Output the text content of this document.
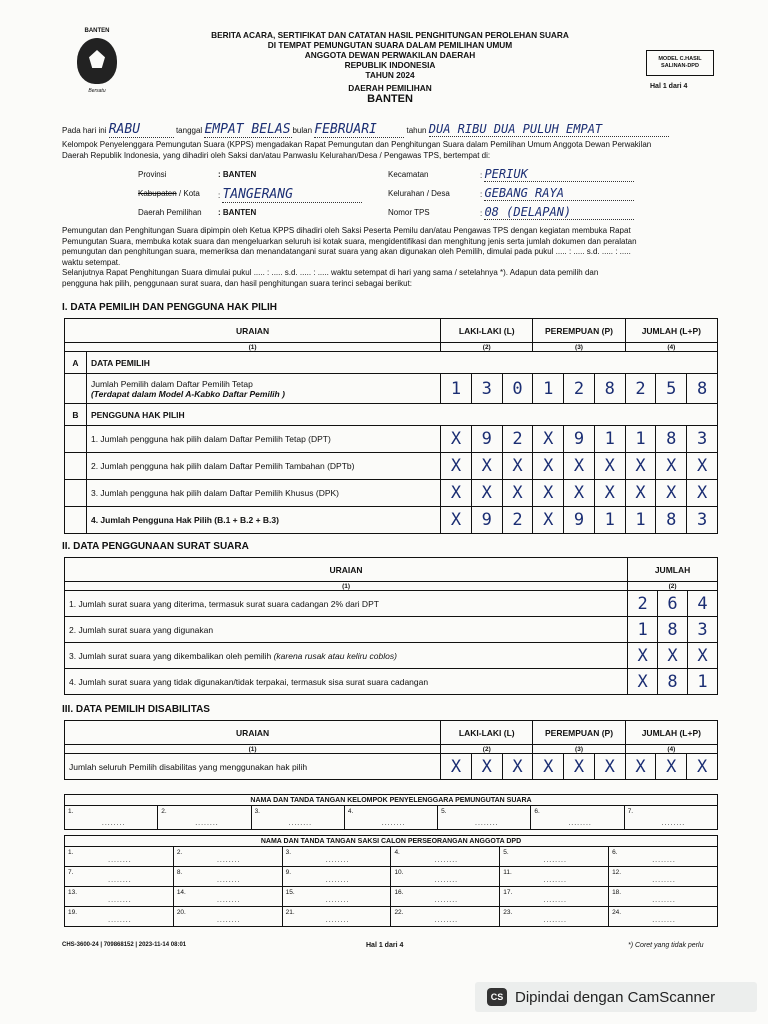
BANTEN
Bersatu
BERITA ACARA, SERTIFIKAT DAN CATATAN HASIL PENGHITUNGAN PEROLEHAN SUARA
DI TEMPAT PEMUNGUTAN SUARA DALAM PEMILIHAN UMUM
ANGGOTA DEWAN PERWAKILAN DAERAH
REPUBLIK INDONESIA
TAHUN 2024
DAERAH PEMILIHAN
BANTEN
MODEL C.HASIL
SALINAN-DPD
Hal 1 dari 4
Pada hari ini RABU	tanggal EMPAT BELAS bulan FEBRUARI	tahun DUA RIBU DUA PULUH EMPAT
Kelompok Penyelenggara Pemungutan Suara (KPPS) mengadakan Rapat Pemungutan dan Penghitungan Suara dalam Pemilihan Umum Anggota Dewan Perwakilan
Daerah Republik Indonesia, yang dihadiri oleh Saksi dan/atau Panwaslu Kelurahan/Desa / Pengawas TPS, bertempat di:
Provinsi	: BANTEN
Kabupaten / Kota : TANGERANG
Daerah Pemilihan : BANTEN
Kecamatan	: PERIUK
Kelurahan / Desa	: GEBANG RAYA
Nomor TPS	: 08 (DELAPAN)
Pemungutan dan Penghitungan Suara dipimpin oleh Ketua KPPS dihadiri oleh Saksi Peserta Pemilu dan/atau Pengawas TPS dengan kegiatan membuka Rapat
Pemungutan Suara, membuka kotak suara dan mengeluarkan seluruh isi kotak suara, mengidentifikasi dan menghitung jenis serta jumlah dokumen dan peralatan
pemungutan dan penghitungan suara, memeriksa dan menandatangani surat suara yang akan digunakan oleh Pemilih, dimulai pada pukul ..... : ..... s.d. ..... : .....
waktu setempat.
Selanjutnya Rapat Penghitungan Suara dimulai pukul ..... : ..... s.d. ..... : ..... waktu setempat di hari yang sama / setelahnya *). Adapun data pemilih dan
pengguna hak pilih, penggunaan surat suara, dan hasil penghitungan suara terinci sebagai berikut:
I. DATA PEMILIH DAN PENGGUNA HAK PILIH
URAIAN		LAKI-LAKI (L)			PEREMPUAN (P)			JUMLAH (L+P)		
(1)		(2)			(3)			(4)		
A	DATA PEMILIH									

	Jumlah Pemilih dalam Daftar Pemilih Tetap
(Terdapat dalam Model A-Kabko Daftar Pemilih )	1	3	0	1	2	8	2	5	8
B	PENGGUNA HAK PILIH									
	1. Jumlah pengguna hak pilih dalam Daftar Pemilih Tetap (DPT)	X	9	2	X	9	1	1	8	3
	2. Jumlah pengguna hak pilih dalam Daftar Pemilih Tambahan (DPTb)	X	X	X	X	X	X	X	X	X
	3. Jumlah pengguna hak pilih dalam Daftar Pemilih Khusus (DPK)	X	X	X	X	X	X	X	X	X
	4. Jumlah Pengguna Hak Pilih (B.1 + B.2 + B.3)	X	9	2	X	9	1	1	8	3
II. DATA PENGGUNAAN SURAT SUARA
URAIAN	JUMLAH		
(1)	(2)		
1. Jumlah surat suara yang diterima, termasuk surat suara cadangan 2% dari DPT	2	6	4
2. Jumlah surat suara yang digunakan	1	8	3
3. Jumlah surat suara yang dikembalikan oleh pemilih (karena rusak atau keliru coblos)	X	X	X
4. Jumlah surat suara yang tidak digunakan/tidak terpakai, termasuk sisa surat suara cadangan	X	8	1
III. DATA PEMILIH DISABILITAS
URAIAN	LAKI-LAKI (L)			PEREMPUAN (P)			JUMLAH (L+P)		
(1)	(2)			(3)			(4)		
Jumlah seluruh Pemilih disabilitas yang menggunakan hak pilih	X	X	X	X	X	X	X	X	X
NAMA DAN TANDA TANGAN KELOMPOK PENYELENGGARA PEMUNGUTAN SUARA
1.
........
	2.
........
	3.
........
	4.
........
	5.
........
	6.
........
	7.
........
NAMA DAN TANDA TANGAN SAKSI CALON PERSEORANGAN ANGGOTA DPD					
1.
........	2.
........	3.
........	4.
........	5.
........	6.
........

7.
........	8.
........	9.
........	10.
........	11.
........	12.
........

13.
........	14.
........	15.
........	16.
........	17.
........	18.
........

19.
........	20.
........	21.
........	22.
........	23.
........	24.
........
CHS-3600-24 | 709868152 | 2023-11-14 08:01	Hal 1 dari 4	*) Coret yang tidak perlu
CS Dipindai dengan CamScanner
